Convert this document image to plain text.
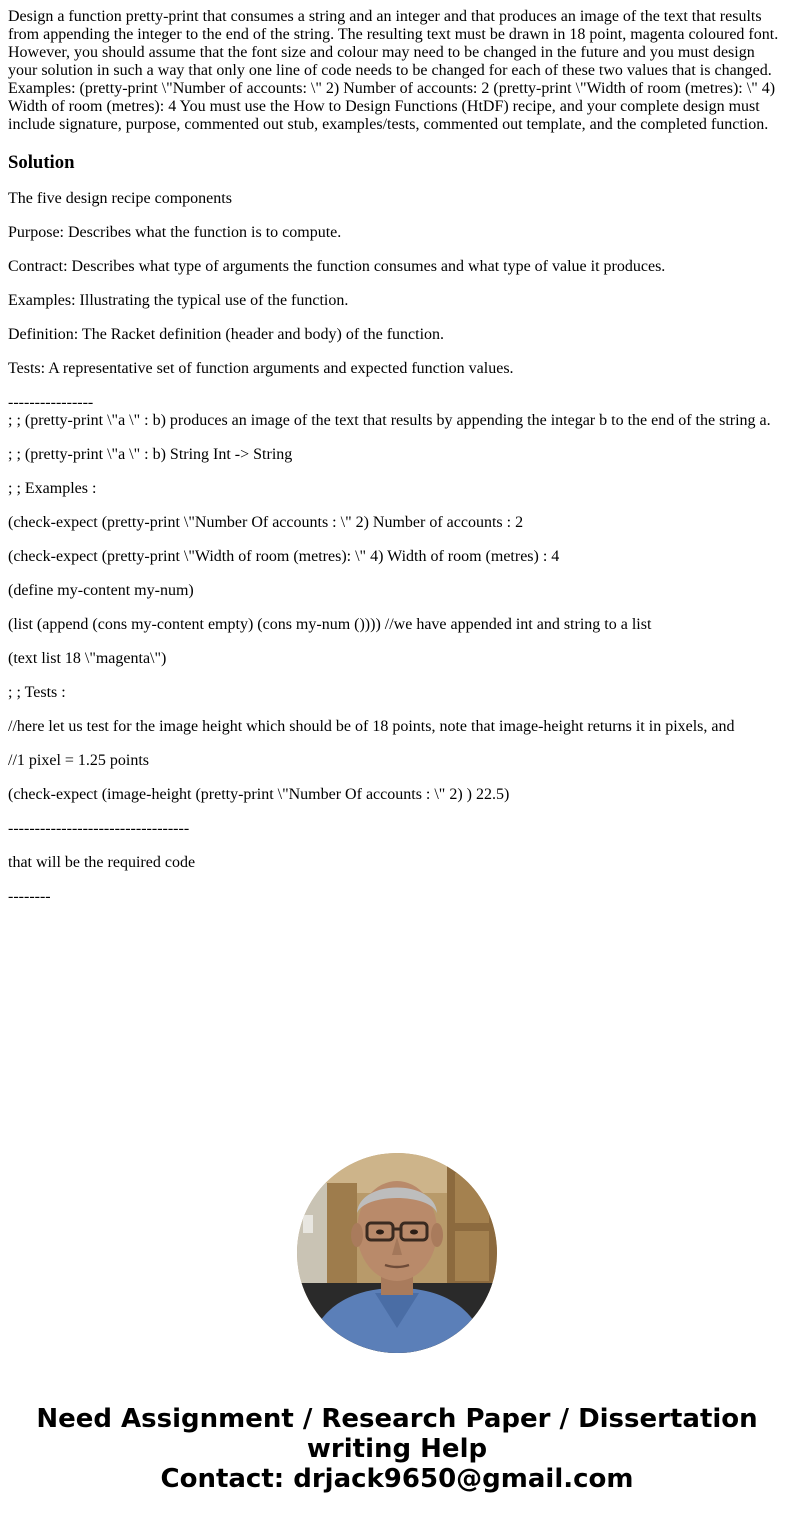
Design a function pretty-print that consumes a string and an integer and that produces an image of the text that results from appending the integer to the end of the string. The resulting text must be drawn in 18 point, magenta coloured font. However, you should assume that the font size and colour may need to be changed in the future and you must design your solution in such a way that only one line of code needs to be changed for each of these two values that is changed. Examples: (pretty-print \"Number of accounts: \" 2) Number of accounts: 2 (pretty-print \"Width of room (metres): \" 4) Width of room (metres): 4 You must use the How to Design Functions (HtDF) recipe, and your complete design must include signature, purpose, commented out stub, examples/tests, commented out template, and the completed function.
Solution

The five design recipe components

Purpose: Describes what the function is to compute.

Contract: Describes what type of arguments the function consumes and what type of value it produces.

Examples: Illustrating the typical use of the function.

Definition: The Racket definition (header and body) of the function.

Tests: A representative set of function arguments and expected function values.

----------------
; ; (pretty-print \"a \" : b) produces an image of the text that results by appending the integar b to the end of the string a.

; ; (pretty-print \"a \" : b) String Int -> String

; ; Examples :

(check-expect (pretty-print \"Number Of accounts : \" 2) Number of accounts : 2

(check-expect (pretty-print \"Width of room (metres): \" 4) Width of room (metres) : 4

(define my-content my-num)

(list (append (cons my-content empty) (cons my-num ()))) //we have appended int and string to a list

(text list 18 \"magenta\")

; ; Tests :

//here let us test for the image height which should be of 18 points, note that image-height returns it in pixels, and

//1 pixel = 1.25 points

(check-expect (image-height (pretty-print \"Number Of accounts : \" 2) ) 22.5)

----------------------------------

that will be the required code

--------

Need Assignment / Research Paper / Dissertation
writing Help
Contact: drjack9650@gmail.com
